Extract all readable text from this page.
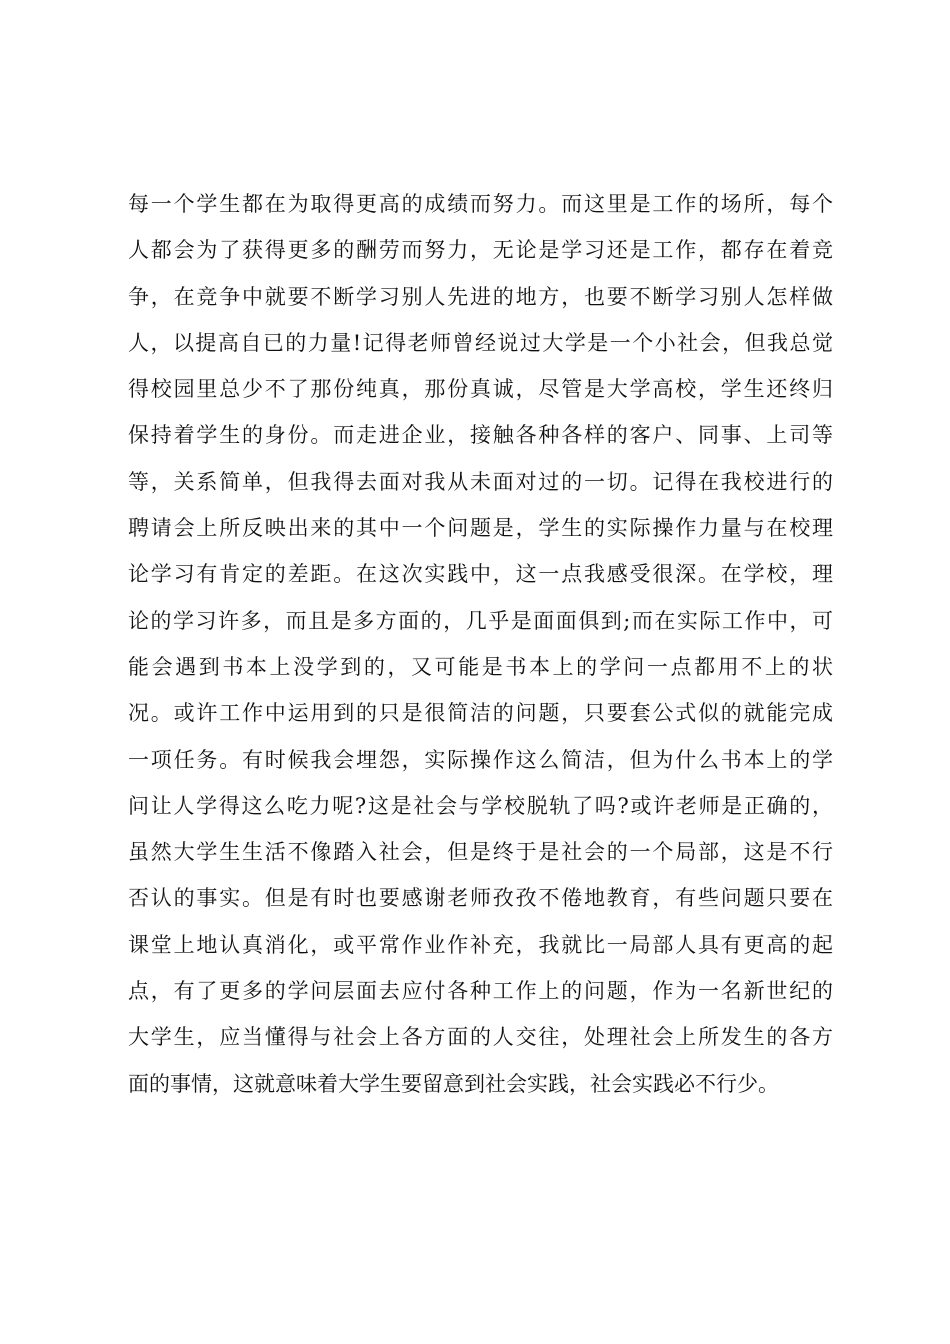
每一个学生都在为取得更高的成绩而努力。而这里是工作的场所，每个
人都会为了获得更多的酬劳而努力，无论是学习还是工作，都存在着竞
争，在竞争中就要不断学习别人先进的地方，也要不断学习别人怎样做
人，以提高自已的力量!记得老师曾经说过大学是一个小社会，但我总觉
得校园里总少不了那份纯真，那份真诚，尽管是大学高校，学生还终归
保持着学生的身份。而走进企业，接触各种各样的客户、同事、上司等
等，关系简单，但我得去面对我从未面对过的一切。记得在我校进行的
聘请会上所反映出来的其中一个问题是，学生的实际操作力量与在校理
论学习有肯定的差距。在这次实践中，这一点我感受很深。在学校，理
论的学习许多，而且是多方面的，几乎是面面俱到;而在实际工作中，可
能会遇到书本上没学到的，又可能是书本上的学问一点都用不上的状
况。或许工作中运用到的只是很简洁的问题，只要套公式似的就能完成
一项任务。有时候我会埋怨，实际操作这么简洁，但为什么书本上的学
问让人学得这么吃力呢?这是社会与学校脱轨了吗?或许老师是正确的，
虽然大学生生活不像踏入社会，但是终于是社会的一个局部，这是不行
否认的事实。但是有时也要感谢老师孜孜不倦地教育，有些问题只要在
课堂上地认真消化，或平常作业作补充，我就比一局部人具有更高的起
点，有了更多的学问层面去应付各种工作上的问题，作为一名新世纪的
大学生，应当懂得与社会上各方面的人交往，处理社会上所发生的各方
面的事情，这就意味着大学生要留意到社会实践，社会实践必不行少。
